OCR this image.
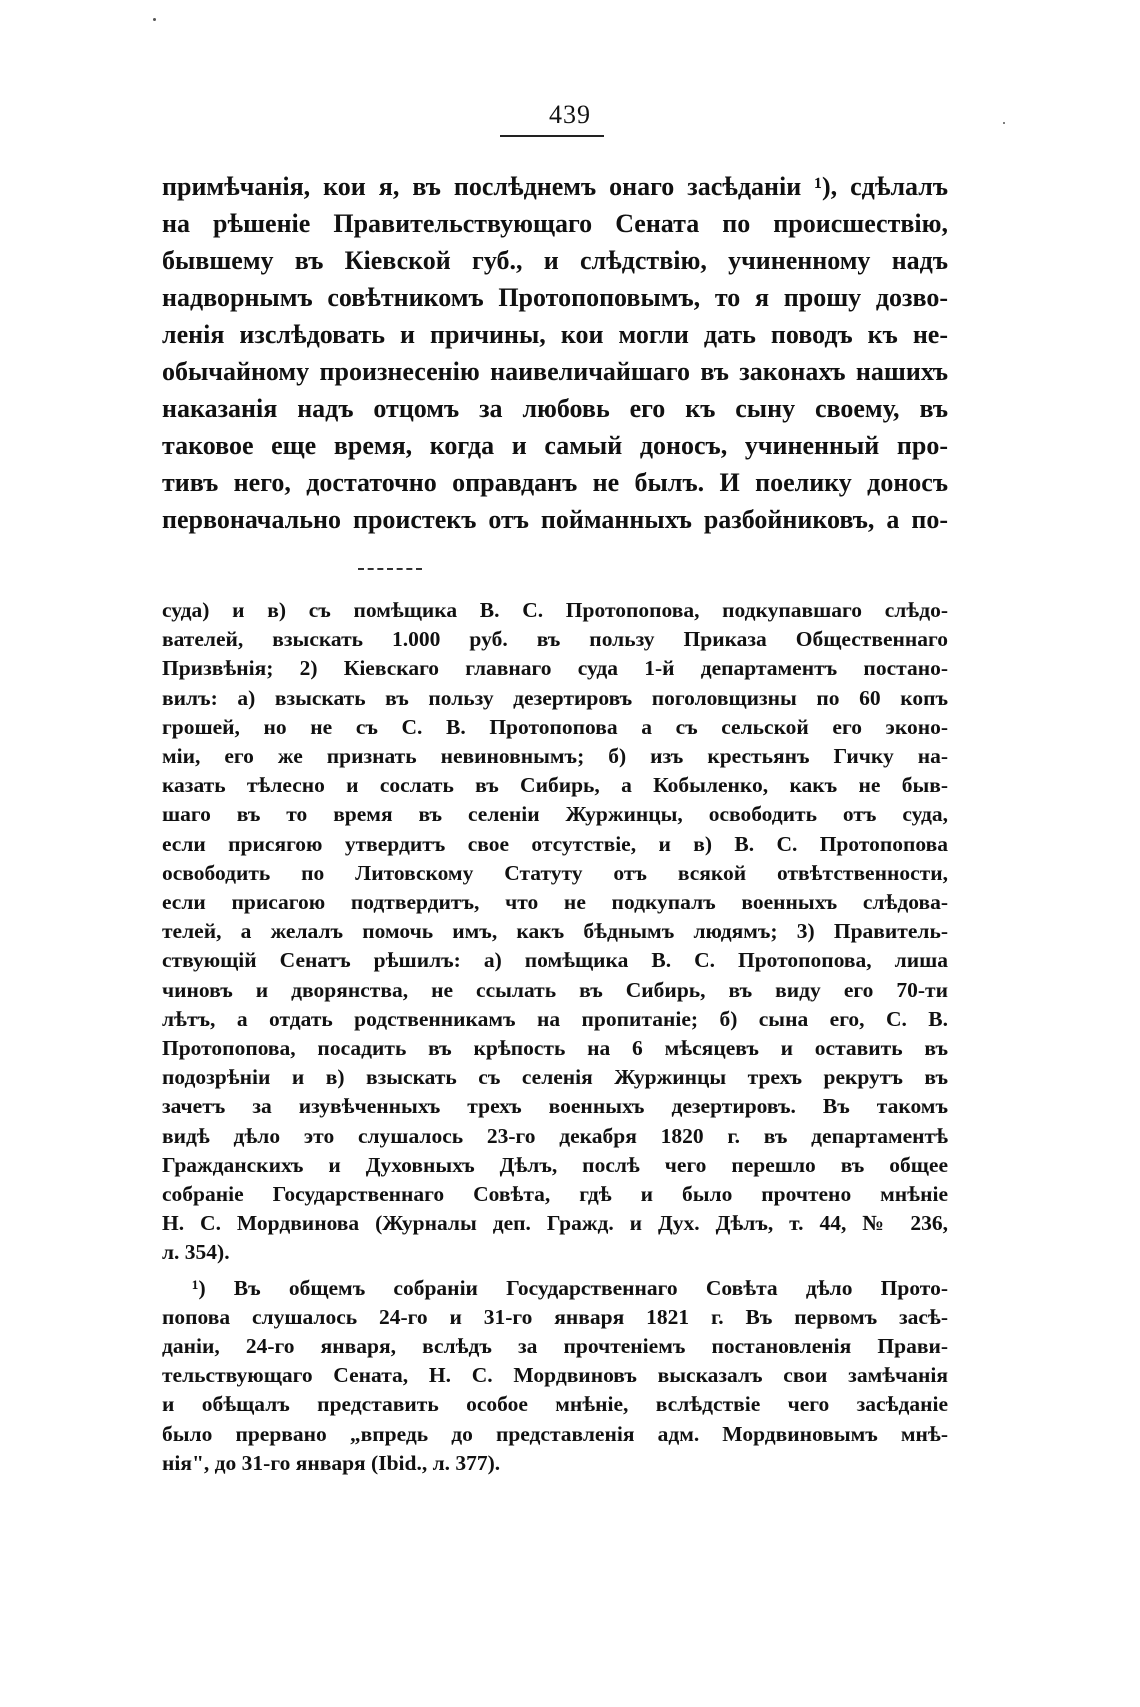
439
примѣчанія, кои я, въ послѣднемъ онаго засѣданіи ¹), сдѣлалъ
на рѣшеніе Правительствующаго Сената по происшествію,
бывшему въ Кіевской губ., и слѣдствію, учиненному надъ
надворнымъ совѣтникомъ Протопоповымъ, то я прошу дозво-
ленія изслѣдовать и причины, кои могли дать поводъ къ не-
обычайному произнесенію наивеличайшаго въ законахъ нашихъ
наказанія надъ отцомъ за любовь его къ сыну своему, въ
таковое еще время, когда и самый доносъ, учиненный про-
тивъ него, достаточно оправданъ не былъ. И поелику доносъ
первоначально проистекъ отъ пойманныхъ разбойниковъ, а по-
суда) и в) съ помѣщика В. С. Протопопова, подкупавшаго слѣдо-
вателей, взыскать 1.000 руб. въ пользу Приказа Общественнаго
Призвѣнія; 2) Кіевскаго главнаго суда 1-й департаментъ постано-
вилъ: а) взыскать въ пользу дезертировъ поголовщизны по 60 копъ
грошей, но не съ С. В. Протопопова а съ сельской его эконо-
міи, его же признать невиновнымъ; б) изъ крестьянъ Гичку на-
казать тѣлесно и сослать въ Сибирь, а Кобыленко, какъ не быв-
шаго въ то время въ селеніи Журжинцы, освободить отъ суда,
если присягою утвердитъ свое отсутствіе, и в) В. С. Протопопова
освободить по Литовскому Статуту отъ всякой отвѣтственности,
если присагою подтвердитъ, что не подкупалъ военныхъ слѣдова-
телей, а желалъ помочь имъ, какъ бѣднымъ людямъ; 3) Правитель-
ствующій Сенатъ рѣшилъ: а) помѣщика В. С. Протопопова, лиша
чиновъ и дворянства, не ссылать въ Сибирь, въ виду его 70-ти
лѣтъ, а отдать родственникамъ на пропитаніе; б) сына его, С. В.
Протопопова, посадить въ крѣпость на 6 мѣсяцевъ и оставить въ
подозрѣніи и в) взыскать съ селенія Журжинцы трехъ рекрутъ въ
зачетъ за изувѣченныхъ трехъ военныхъ дезертировъ. Въ такомъ
видѣ дѣло это слушалось 23-го декабря 1820 г. въ департаментѣ
Гражданскихъ и Духовныхъ Дѣлъ, послѣ чего перешло въ общее
собраніе Государственнаго Совѣта, гдѣ и было прочтено мнѣніе
Н. С. Мордвинова (Журналы деп. Гражд. и Дух. Дѣлъ, т. 44, № 236,
л. 354).
¹) Въ общемъ собраніи Государственнаго Совѣта дѣло Прото-
попова слушалось 24-го и 31-го января 1821 г. Въ первомъ засѣ-
даніи, 24-го января, вслѣдъ за прочтеніемъ постановленія Прави-
тельствующаго Сената, Н. С. Мордвиновъ высказалъ свои замѣчанія
и обѣщалъ представить особое мнѣніе, вслѣдствіе чего засѣданіе
было прервано „впредь до представленія адм. Мордвиновымъ мнѣ-
нія", до 31-го января (Ibid., л. 377).
